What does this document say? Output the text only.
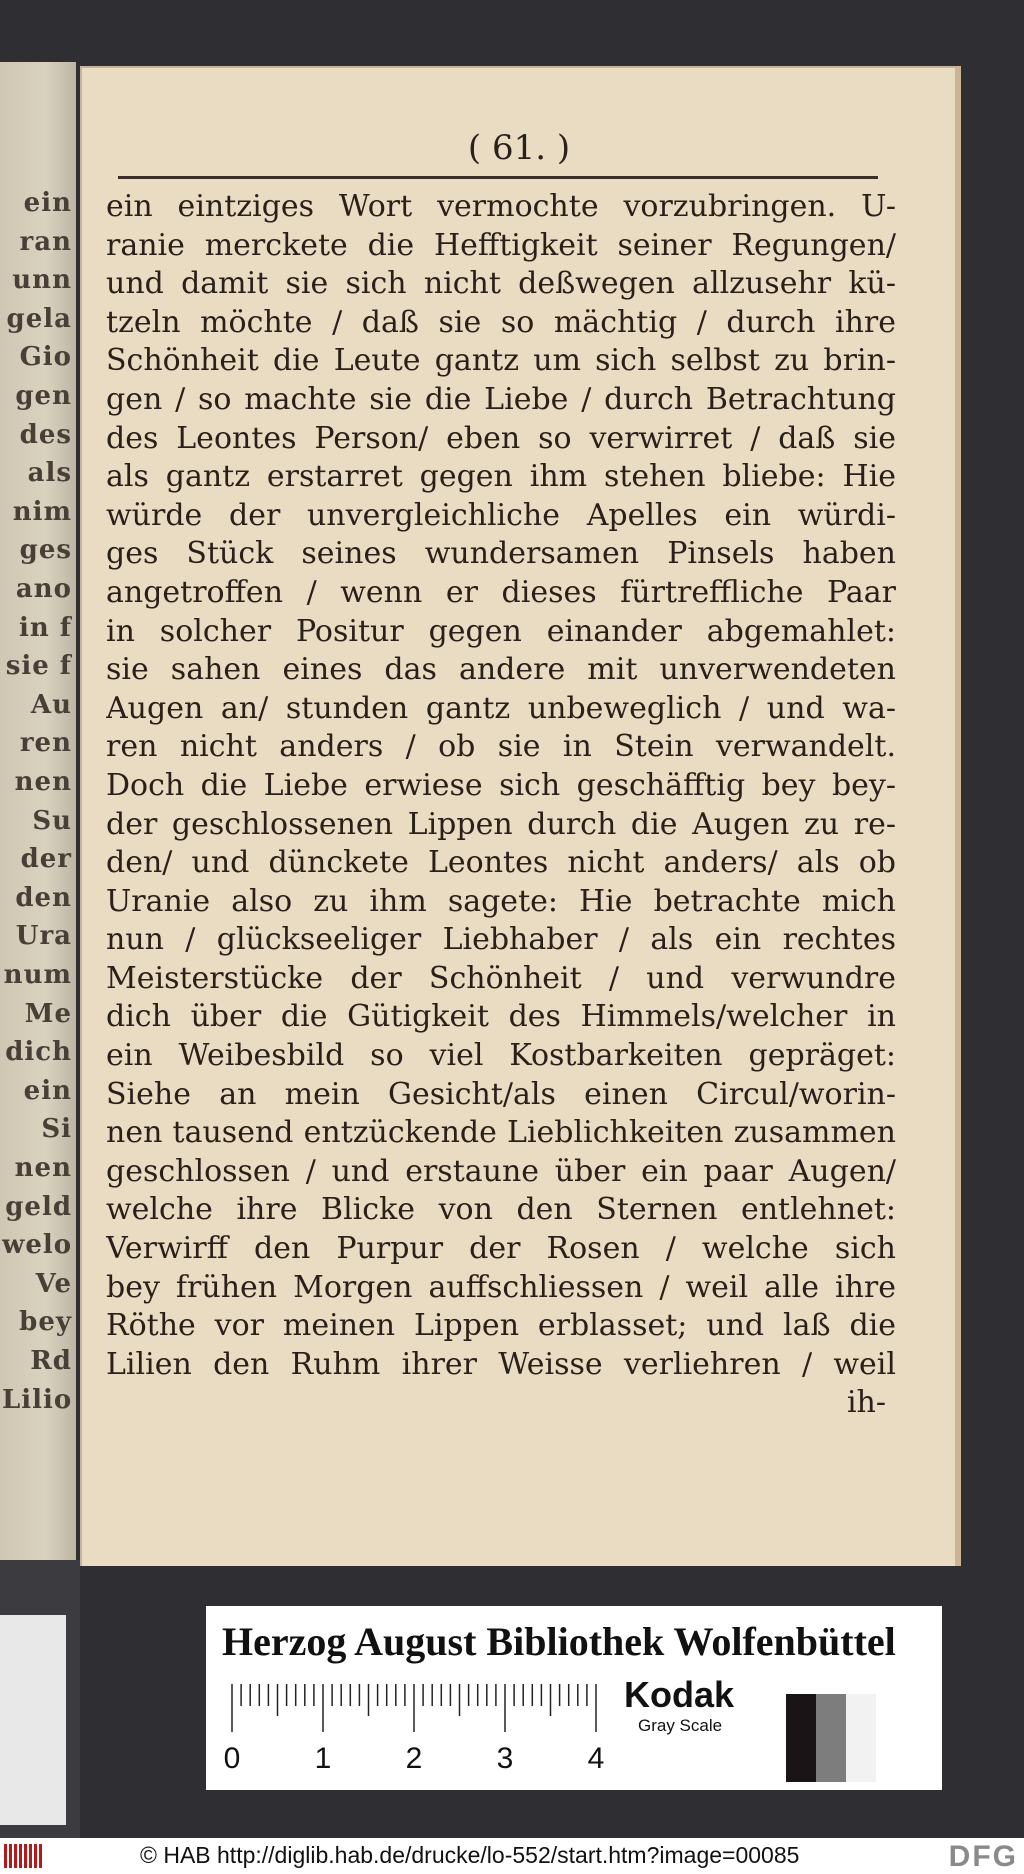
ein
ran
unn
gela
Gio
gen
des
als
nim
ges
ano
in f
sie f
Au
ren
nen
Su
der
den
Ura
num
Me
dich
ein
Si
nen
geld
welo
Ve
bey
Rd
Lilio
( 61. )
ein eintziges Wort vermochte vorzubringen. U-
ranie merckete die Hefftigkeit seiner Regungen/
und damit sie sich nicht deßwegen allzusehr kü-
tzeln möchte / daß sie so mächtig / durch ihre
Schönheit die Leute gantz um sich selbst zu brin-
gen / so machte sie die Liebe / durch Betrachtung
des Leontes Person/ eben so verwirret / daß sie
als gantz erstarret gegen ihm stehen bliebe: Hie
würde der unvergleichliche Apelles ein würdi-
ges Stück seines wundersamen Pinsels haben
angetroffen / wenn er dieses fürtreffliche Paar
in solcher Positur gegen einander abgemahlet:
sie sahen eines das andere mit unverwendeten
Augen an/ stunden gantz unbeweglich / und wa-
ren nicht anders / ob sie in Stein verwandelt.
Doch die Liebe erwiese sich geschäfftig bey bey-
der geschlossenen Lippen durch die Augen zu re-
den/ und dünckete Leontes nicht anders/ als ob
Uranie also zu ihm sagete: Hie betrachte mich
nun / glückseeliger Liebhaber / als ein rechtes
Meisterstücke der Schönheit / und verwundre
dich über die Gütigkeit des Himmels/welcher in
ein Weibesbild so viel Kostbarkeiten gepräget:
Siehe an mein Gesicht/als einen Circul/worin-
nen tausend entzückende Lieblichkeiten zusammen
geschlossen / und erstaune über ein paar Augen/
welche ihre Blicke von den Sternen entlehnet:
Verwirff den Purpur der Rosen / welche sich
bey frühen Morgen auffschliessen / weil alle ihre
Röthe vor meinen Lippen erblasset; und laß die
Lilien den Ruhm ihrer Weisse verliehren / weil
ih-
Herzog August Bibliothek Wolfenbüttel
0 1 2 3 4
Kodak
Gray Scale
© HAB http://diglib.hab.de/drucke/lo-552/start.htm?image=00085	DFG
